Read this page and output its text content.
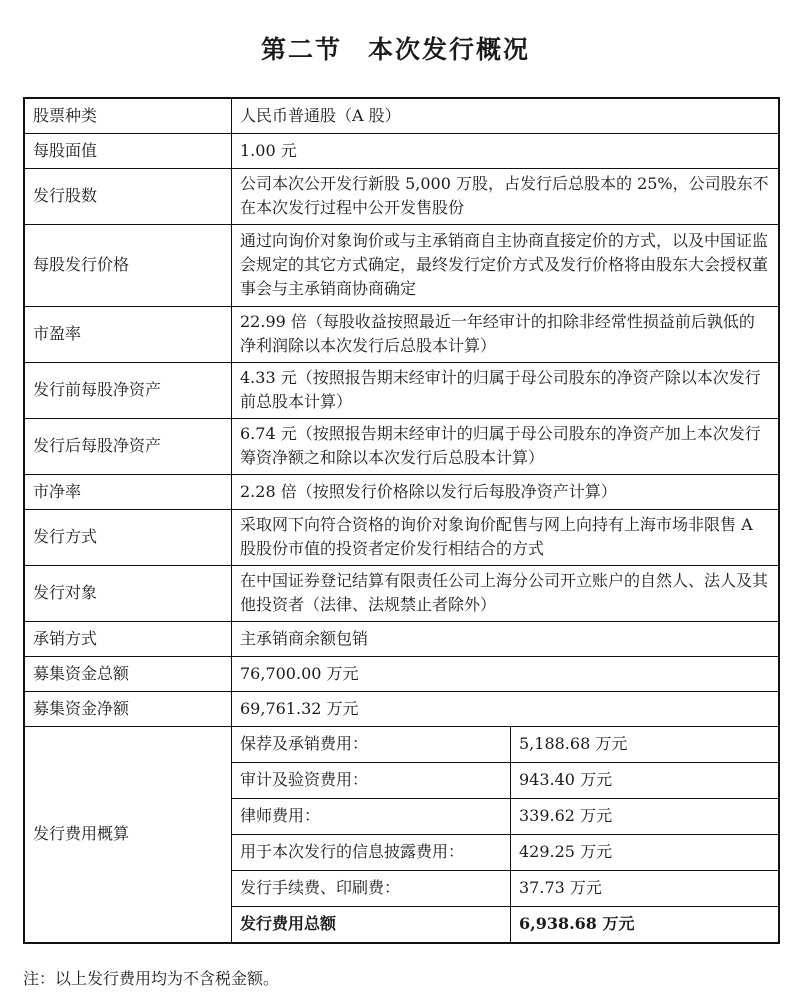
第二节 本次发行概况
股票种类	人民币普通股（A 股）
每股面值	1.00 元
发行股数	公司本次公开发行新股 5,000 万股，占发行后总股本的 25%，公司股东不在本次发行过程中公开发售股份
每股发行价格	通过向询价对象询价或与主承销商自主协商直接定价的方式，以及中国证监会规定的其它方式确定，最终发行定价方式及发行价格将由股东大会授权董事会与主承销商协商确定
市盈率	22.99 倍（每股收益按照最近一年经审计的扣除非经常性损益前后孰低的净利润除以本次发行后总股本计算）
发行前每股净资产	4.33 元（按照报告期末经审计的归属于母公司股东的净资产除以本次发行前总股本计算）
发行后每股净资产	6.74 元（按照报告期末经审计的归属于母公司股东的净资产加上本次发行筹资净额之和除以本次发行后总股本计算）
市净率	2.28 倍（按照发行价格除以发行后每股净资产计算）
发行方式	采取网下向符合资格的询价对象询价配售与网上向持有上海市场非限售 A 股股份市值的投资者定价发行相结合的方式
发行对象	在中国证券登记结算有限责任公司上海分公司开立账户的自然人、法人及其他投资者（法律、法规禁止者除外）
承销方式	主承销商余额包销
募集资金总额	76,700.00 万元
募集资金净额	69,761.32 万元
发行费用概算	
保荐及承销费用：	5,188.68 万元
审计及验资费用：	943.40 万元
律师费用：	339.62 万元
用于本次发行的信息披露费用：	429.25 万元
发行手续费、印刷费：	37.73 万元
发行费用总额	6,938.68 万元
注：以上发行费用均为不含税金额。
